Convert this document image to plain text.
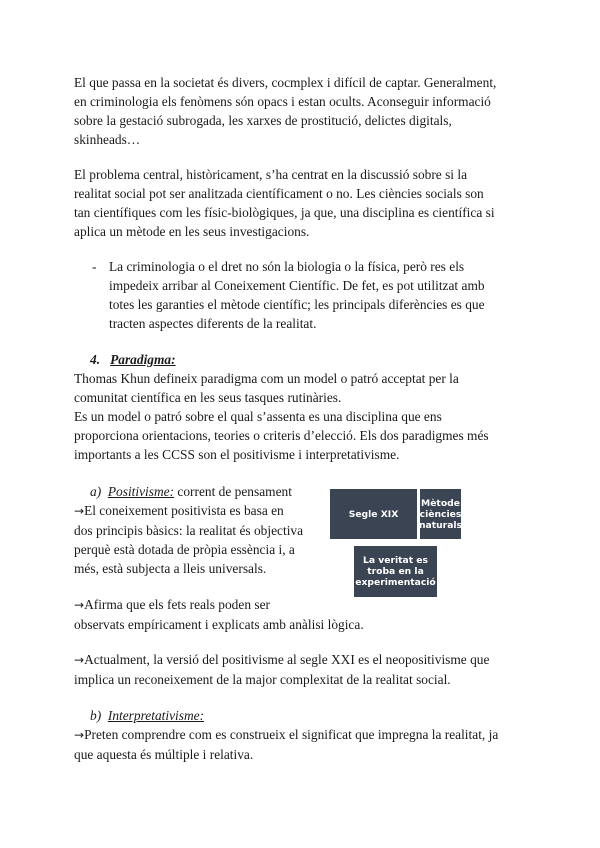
El que passa en la societat és divers, cocmplex i difícil de captar. Generalment,

en criminologia els fenòmens són opacs i estan ocults. Aconseguir informació

sobre la gestació subrogada, les xarxes de prostitució, delictes digitals,

skinheads…

El problema central, històricament, s’ha centrat en la discussió sobre si la

realitat social pot ser analitzada científicament o no. Les ciències socials son

tan científiques com les físic-biològiques, ja que, una disciplina es científica si

aplica un mètode en les seus investigacions.

- La criminologia o el dret no són la biologia o la física, però res els

impedeix arribar al Coneixement Científic. De fet, es pot utilitzat amb

totes les garanties el mètode científic; les principals diferències es que

tracten aspectes diferents de la realitat.

4. Paradigma:

Thomas Khun defineix paradigma com un model o patró acceptat per la

comunitat científica en les seus tasques rutinàries.

Es un model o patró sobre el qual s’assenta es una disciplina que ens

proporciona orientacions, teories o criteris d’elecció. Els dos paradigmes més

importants a les CCSS son el positivisme i interpretativisme.

a) Positivisme: corrent de pensament

→El coneixement positivista es basa en

dos principis bàsics: la realitat és objectiva

perquè està dotada de pròpia essència i, a

més, està subjecta a lleis universals.

Segle XIX
Mètode
ciències
naturals
La veritat es
troba en la
experimentació

→Afirma que els fets reals poden ser

observats empíricament i explicats amb anàlisi lògica.

→Actualment, la versió del positivisme al segle XXI es el neopositivisme que

implica un reconeixement de la major complexitat de la realitat social.

b) Interpretativisme:

→Preten comprendre com es construeix el significat que impregna la realitat, ja

que aquesta és múltiple i relativa.
